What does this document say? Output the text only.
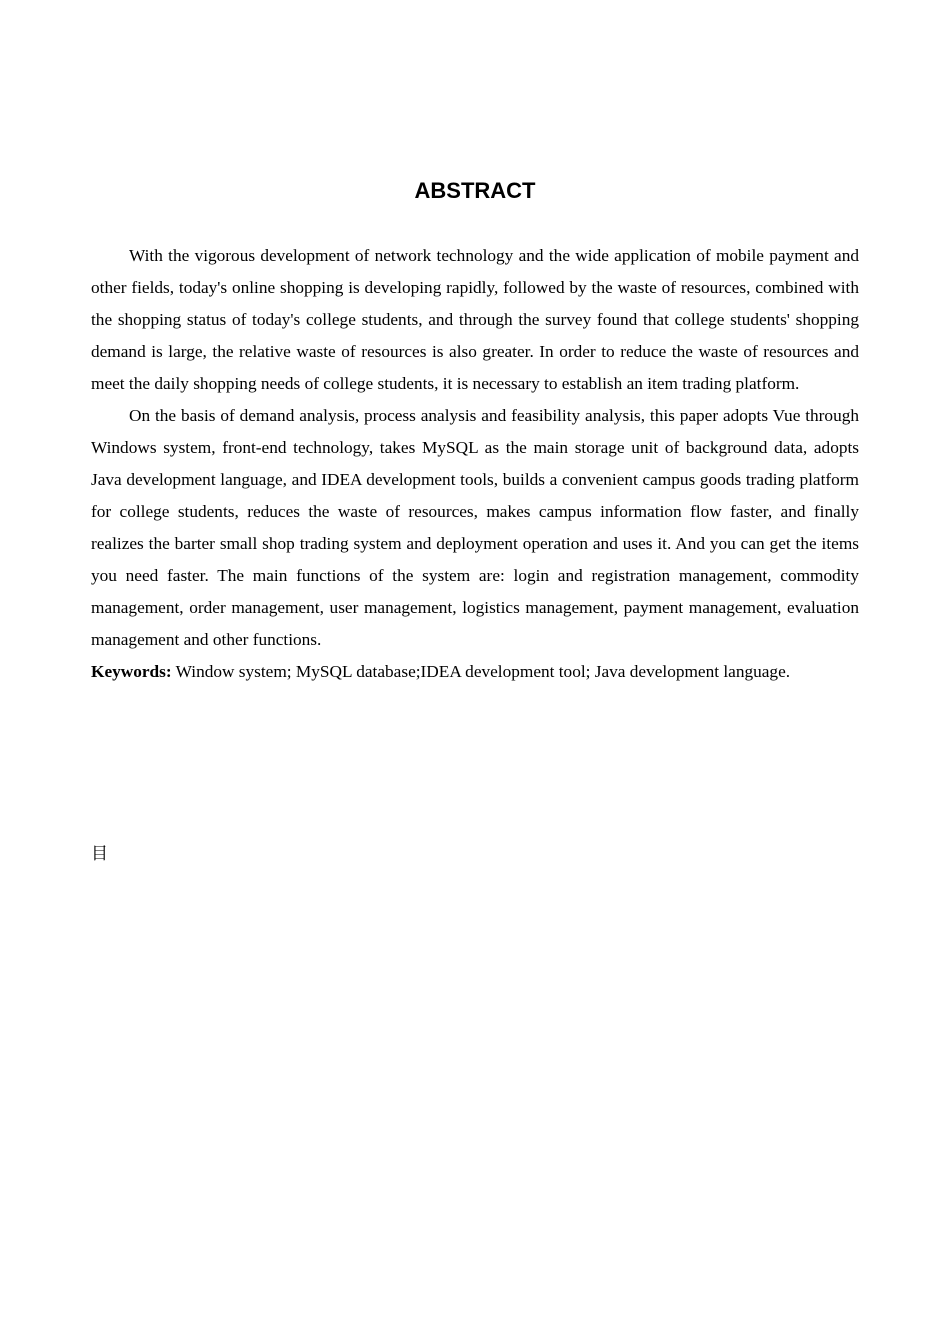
ABSTRACT

With the vigorous development of network technology and the wide application of mobile payment and other fields, today's online shopping is developing rapidly, followed by the waste of resources, combined with the shopping status of today's college students, and through the survey found that college students' shopping demand is large, the relative waste of resources is also greater. In order to reduce the waste of resources and meet the daily shopping needs of college students, it is necessary to establish an item trading platform.

On the basis of demand analysis, process analysis and feasibility analysis, this paper adopts Vue through Windows system, front-end technology, takes MySQL as the main storage unit of background data, adopts Java development language, and IDEA development tools, builds a convenient campus goods trading platform for college students, reduces the waste of resources, makes campus information flow faster, and finally realizes the barter small shop trading system and deployment operation and uses it. And you can get the items you need faster. The main functions of the system are: login and registration management, commodity management, order management, user management, logistics management, payment management, evaluation management and other functions.

Keywords: Window system; MySQL database;IDEA development tool; Java development language.

目
